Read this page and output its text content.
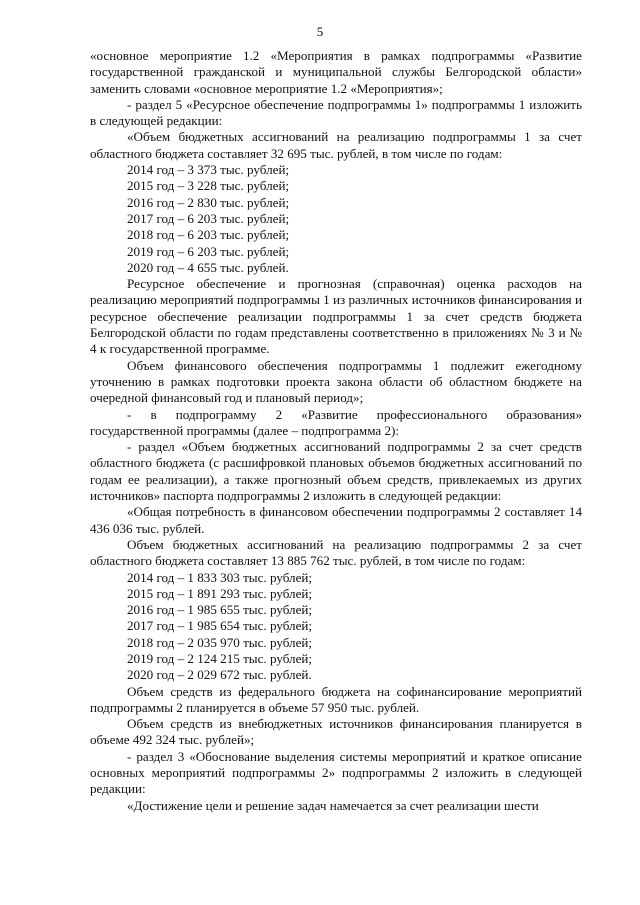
5

«основное мероприятие 1.2 «Мероприятия в рамках подпрограммы «Развитие государственной гражданской и муниципальной службы Белгородской области» заменить словами «основное мероприятие 1.2 «Мероприятия»;

- раздел 5 «Ресурсное обеспечение подпрограммы 1» подпрограммы 1 изложить в следующей редакции:

«Объем бюджетных ассигнований на реализацию подпрограммы 1 за счет областного бюджета составляет 32 695 тыс. рублей, в том числе по годам:

2014 год – 3 373 тыс. рублей;

2015 год – 3 228 тыс. рублей;

2016 год – 2 830 тыс. рублей;

2017 год – 6 203 тыс. рублей;

2018 год – 6 203 тыс. рублей;

2019 год – 6 203 тыс. рублей;

2020 год – 4 655 тыс. рублей.

Ресурсное обеспечение и прогнозная (справочная) оценка расходов на реализацию мероприятий подпрограммы 1 из различных источников финансирования и ресурсное обеспечение реализации подпрограммы 1 за счет средств бюджета Белгородской области по годам представлены соответственно в приложениях № 3 и № 4 к государственной программе.

Объем финансового обеспечения подпрограммы 1 подлежит ежегодному уточнению в рамках подготовки проекта закона области об областном бюджете на очередной финансовый год и плановый период»;

- в подпрограмму 2 «Развитие профессионального образования» государственной программы (далее – подпрограмма 2):

- раздел «Объем бюджетных ассигнований подпрограммы 2 за счет средств областного бюджета (с расшифровкой плановых объемов бюджетных ассигнований по годам ее реализации), а также прогнозный объем средств, привлекаемых из других источников» паспорта подпрограммы 2 изложить в следующей редакции:

«Общая потребность в финансовом обеспечении подпрограммы 2 составляет 14 436 036 тыс. рублей.

Объем бюджетных ассигнований на реализацию подпрограммы 2 за счет областного бюджета составляет 13 885 762 тыс. рублей, в том числе по годам:

2014 год – 1 833 303 тыс. рублей;

2015 год – 1 891 293 тыс. рублей;

2016 год – 1 985 655 тыс. рублей;

2017 год – 1 985 654 тыс. рублей;

2018 год – 2 035 970 тыс. рублей;

2019 год – 2 124 215 тыс. рублей;

2020 год – 2 029 672 тыс. рублей.

Объем средств из федерального бюджета на софинансирование мероприятий подпрограммы 2 планируется в объеме 57 950 тыс. рублей.

Объем средств из внебюджетных источников финансирования планируется в объеме 492 324 тыс. рублей»;

- раздел 3 «Обоснование выделения системы мероприятий и краткое описание основных мероприятий подпрограммы 2» подпрограммы 2 изложить в следующей редакции:

«Достижение цели и решение задач намечается за счет реализации шести
